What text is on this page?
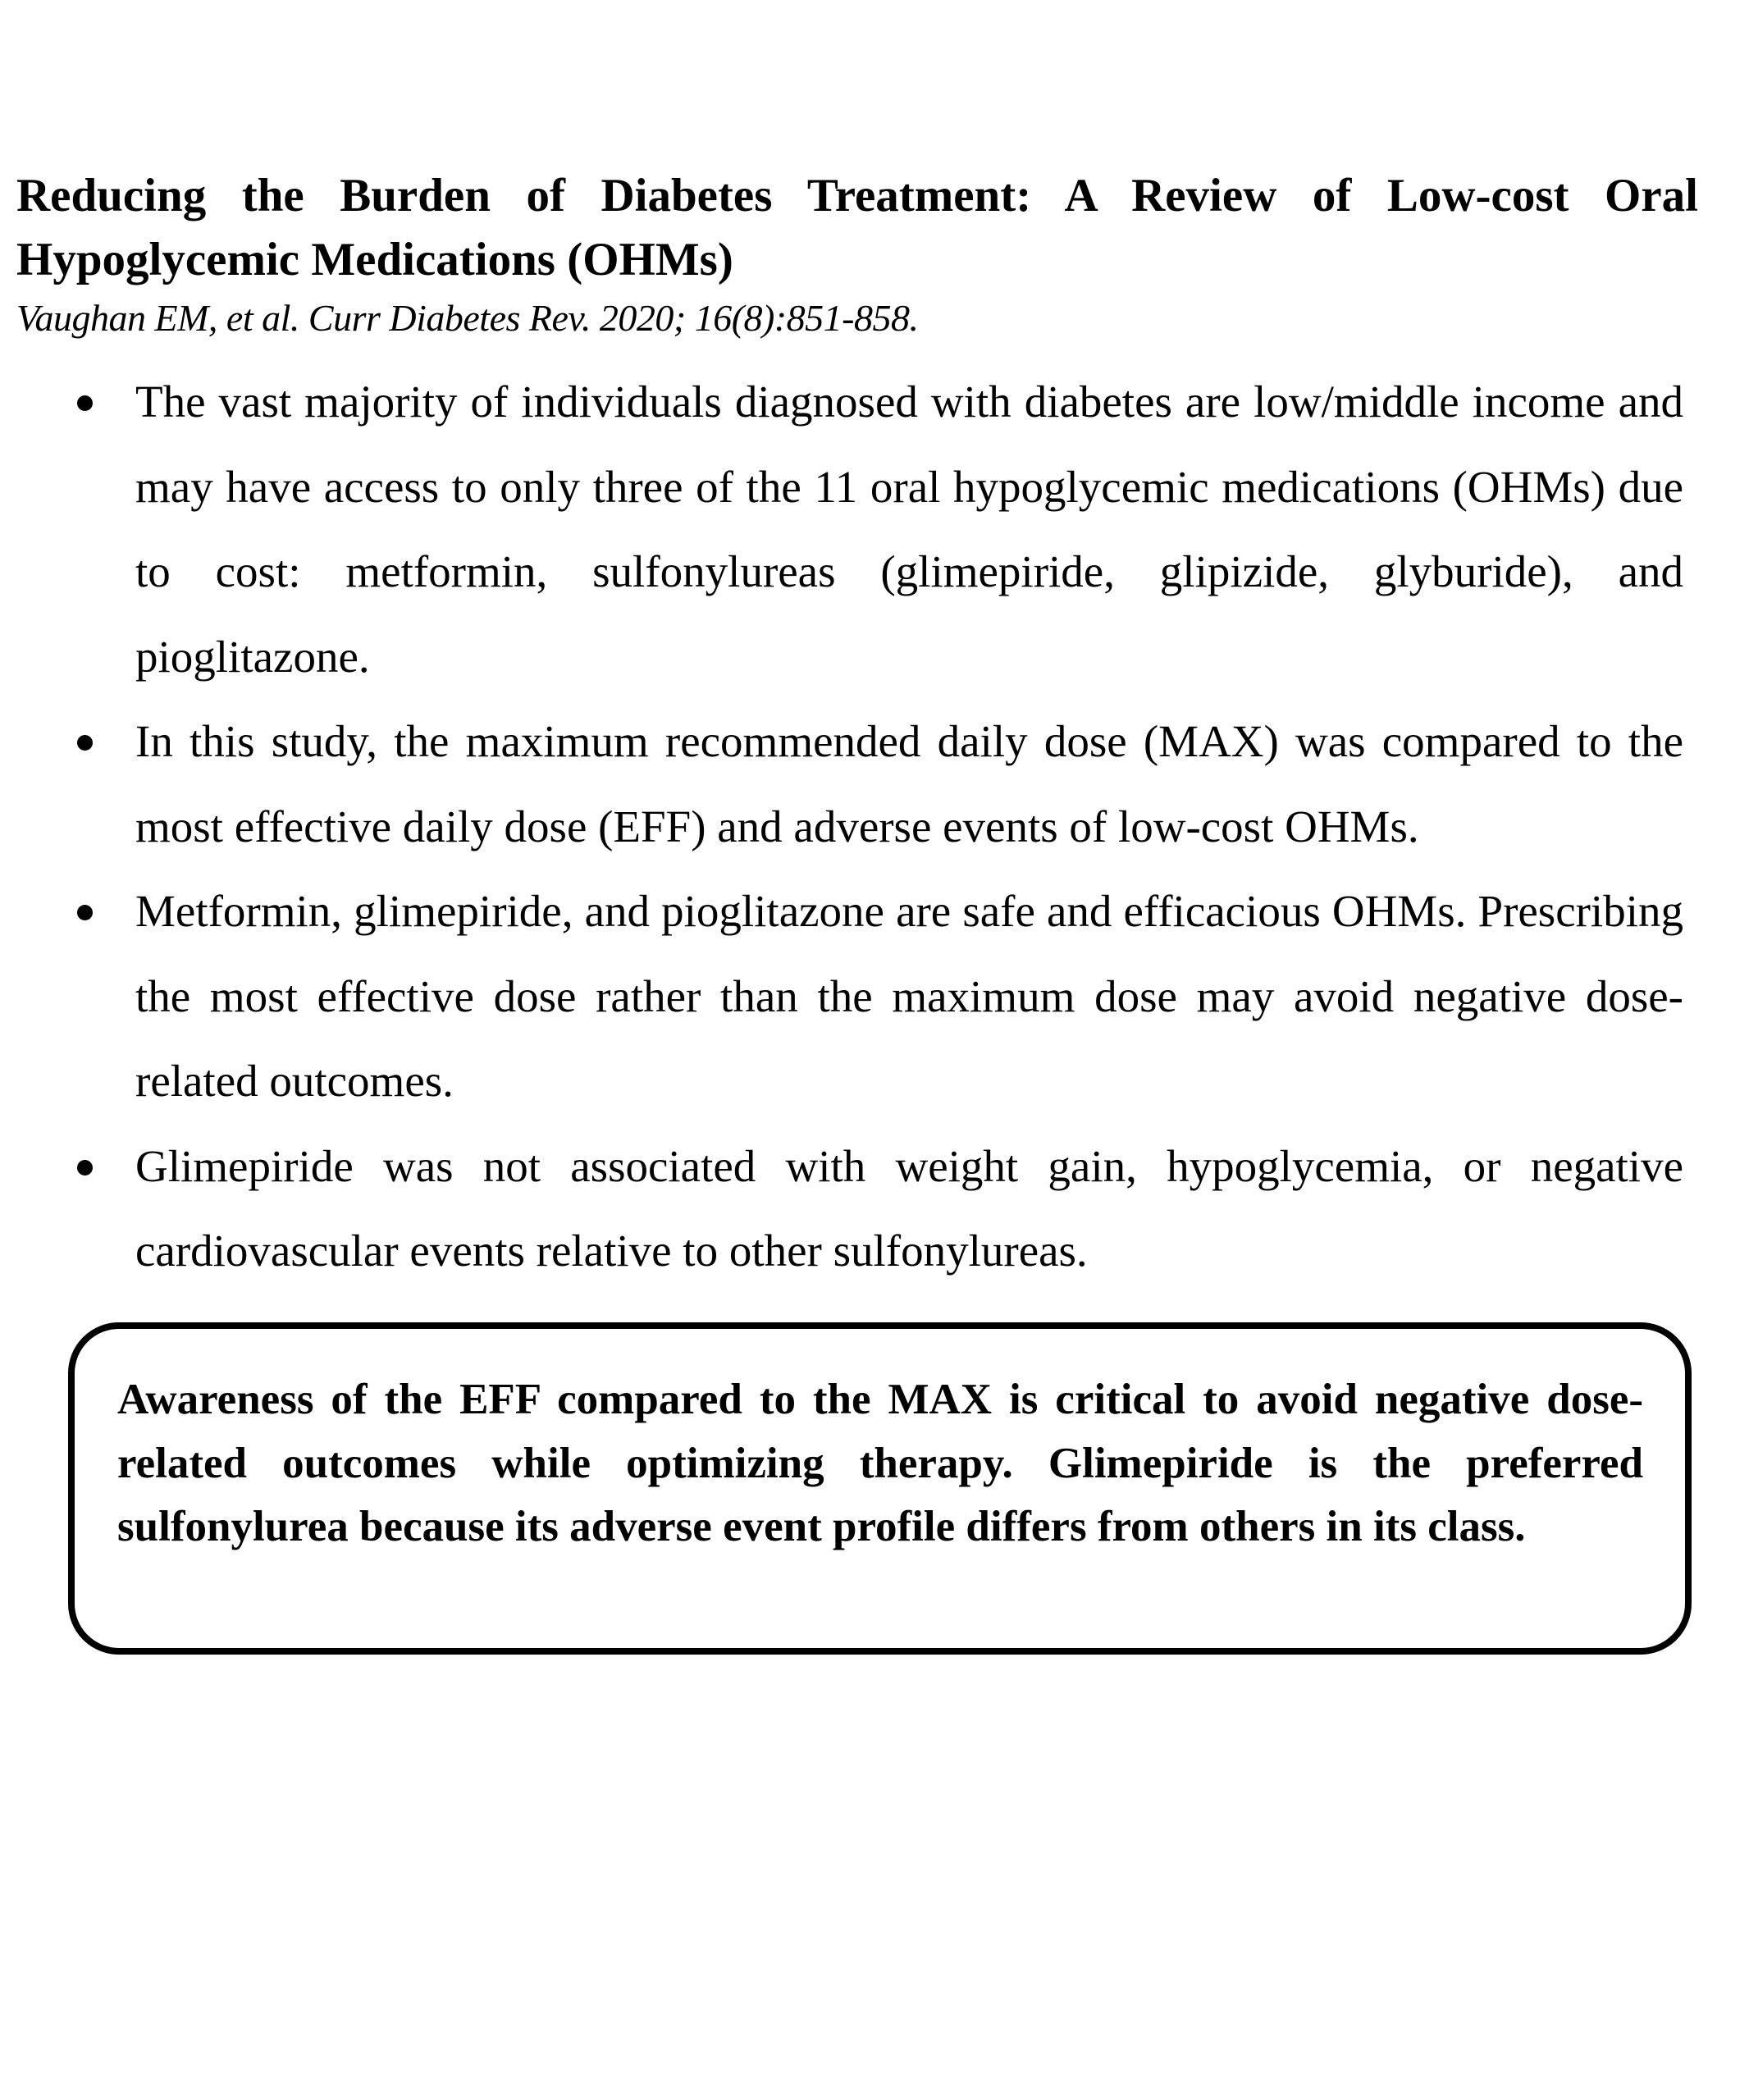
Reducing the Burden of Diabetes Treatment: A Review of Low-cost Oral
Hypoglycemic Medications (OHMs)
Vaughan EM, et al. Curr Diabetes Rev. 2020; 16(8):851-858.
The vast majority of individuals diagnosed with diabetes are low/middle income and may have access to only three of the 11 oral hypoglycemic medications (OHMs) due to cost: metformin, sulfonylureas (glimepiride, glipizide, glyburide), and pioglitazone.
In this study, the maximum recommended daily dose (MAX) was compared to the most effective daily dose (EFF) and adverse events of low-cost OHMs.
Metformin, glimepiride, and pioglitazone are safe and efficacious OHMs. Prescribing the most effective dose rather than the maximum dose may avoid negative dose-related outcomes.
Glimepiride was not associated with weight gain, hypoglycemia, or negative cardiovascular events relative to other sulfonylureas.

Awareness of the EFF compared to the MAX is critical to avoid negative dose-related outcomes while optimizing therapy. Glimepiride is the preferred sulfonylurea because its adverse event profile differs from others in its class.
